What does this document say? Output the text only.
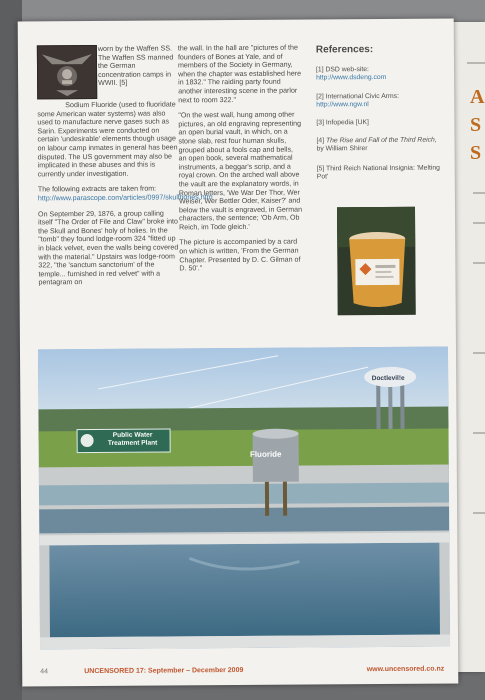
A
S
S

worn by the Waffen SS. The Waffen SS manned the German concentration camps in WWII. [5]

Sodium Fluoride (used to fluoridate some American water systems) was also used to manufacture nerve gases such as Sarin. Experiments were conducted on certain 'undesirable' elements though usage on labour camp inmates in general has been disputed. The US government may also be implicated in these abuses and this is currently under investigation.

The following extracts are taken from: http://www.parascope.com/articles/0997/skullbones.htm

On September 29, 1876, a group calling itself "The Order of File and Claw" broke into the Skull and Bones' holy of holies. In the "tomb" they found lodge-room 324 "fitted up in black velvet, even the walls being covered with the material." Upstairs was lodge-room 322, "the 'sanctum sanctorium' of the temple... furnished in red velvet" with a pentagram on

the wall. In the hall are "pictures of the founders of Bones at Yale, and of members of the Society in Germany, when the chapter was established here in 1832." The raiding party found another interesting scene in the parlor next to room 322."

"On the west wall, hung among other pictures, an old engraving representing an open burial vault, in which, on a stone slab, rest four human skulls, grouped about a fools cap and bells, an open book, several mathematical instruments, a beggar's scrip, and a royal crown. On the arched wall above the vault are the explanatory words, in Roman letters, 'We War Der Thor, Wer Weiser, Wer Bettler Oder, Kaiser?' and below the vault is engraved, in German characters, the sentence; 'Ob Arm, Ob Reich, im Tode gleich.'

The picture is accompanied by a card on which is written, 'From the German Chapter. Presented by D. C. Gilman of D. 50'."

References:
[1] DSD web-site: http://www.dsdeng.com
[2] International Civic Arms: http://www.ngw.nl
[3] Infopedia [UK]
[4] The Rise and Fall of the Third Reich, by William Shirer
[5] Third Reich National Insignia: 'Melting Pot'
Doctlevil!e
Fluoride
Public Water Treatment Plant
44	UNCENSORED 17: September – December 2009	www.uncensored.co.nz
